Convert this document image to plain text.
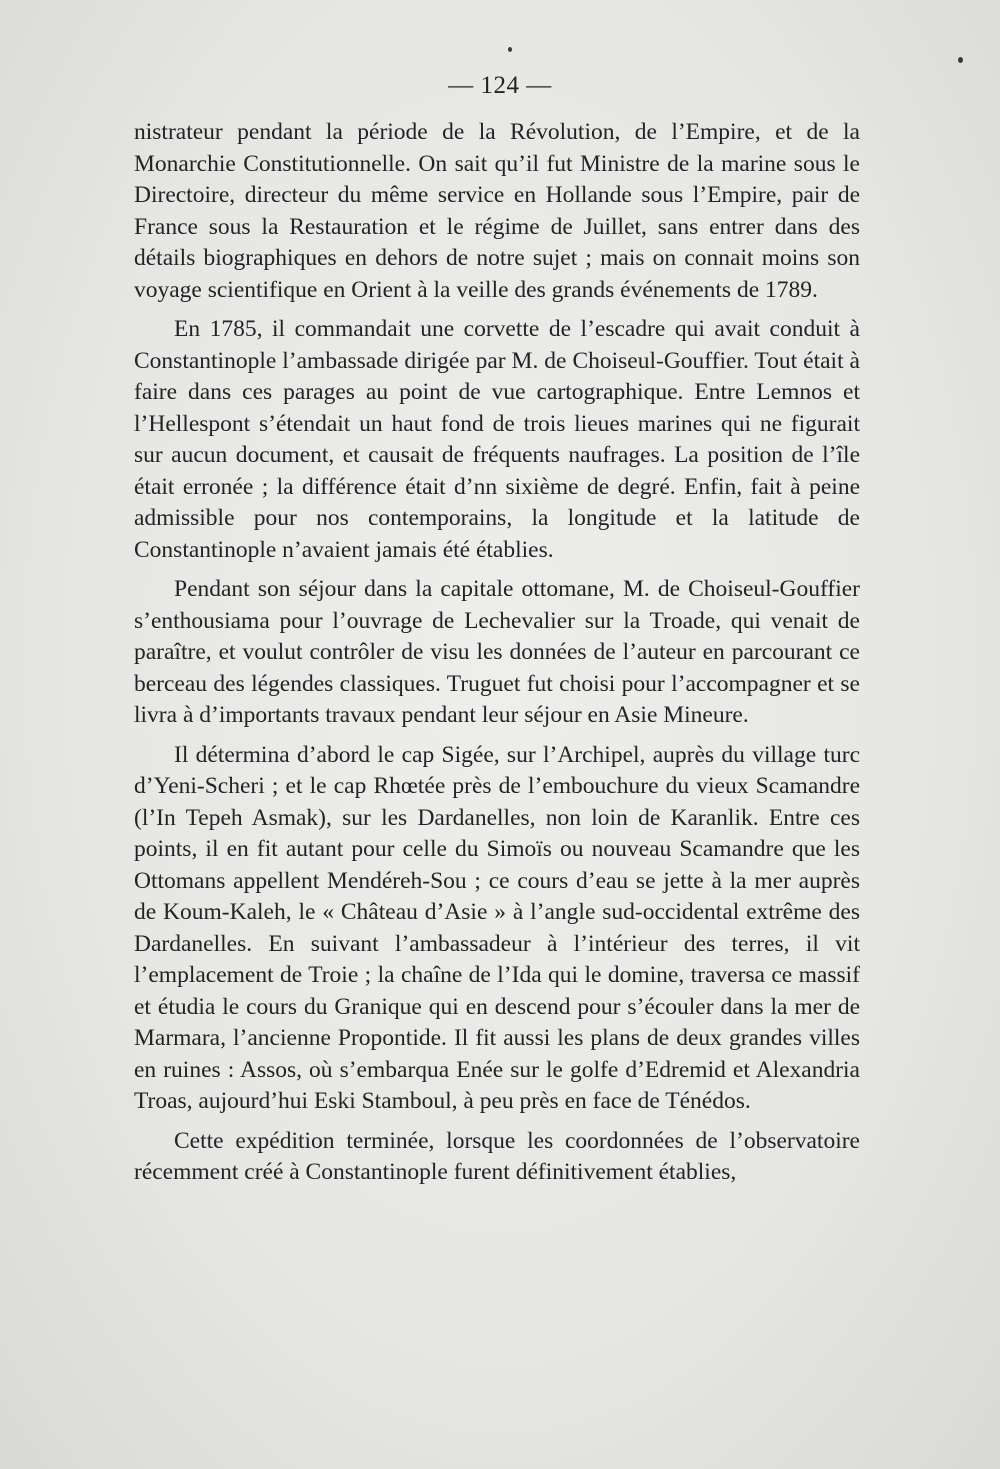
— 124 —

nistrateur pendant la période de la Révolution, de l’Empire, et de la Monarchie Constitutionnelle. On sait qu’il fut Ministre de la marine sous le Directoire, directeur du même service en Hollande sous l’Empire, pair de France sous la Restauration et le régime de Juillet, sans entrer dans des détails biographiques en dehors de notre sujet ; mais on connait moins son voyage scientifique en Orient à la veille des grands événements de 1789.

En 1785, il commandait une corvette de l’escadre qui avait conduit à Constantinople l’ambassade dirigée par M. de Choiseul-Gouffier. Tout était à faire dans ces parages au point de vue cartographique. Entre Lemnos et l’Hellespont s’étendait un haut fond de trois lieues marines qui ne figurait sur aucun document, et causait de fréquents naufrages. La position de l’île était erronée ; la différence était d’nn sixième de degré. Enfin, fait à peine admissible pour nos contemporains, la longitude et la latitude de Constantinople n’avaient jamais été établies.

Pendant son séjour dans la capitale ottomane, M. de Choiseul-Gouffier s’enthousiama pour l’ouvrage de Lechevalier sur la Troade, qui venait de paraître, et voulut contrôler de visu les données de l’auteur en parcourant ce berceau des légendes classiques. Truguet fut choisi pour l’accompagner et se livra à d’importants travaux pendant leur séjour en Asie Mineure.

Il détermina d’abord le cap Sigée, sur l’Archipel, auprès du village turc d’Yeni-Scheri ; et le cap Rhœtée près de l’embouchure du vieux Scamandre (l’In Tepeh Asmak), sur les Dardanelles, non loin de Karanlik. Entre ces points, il en fit autant pour celle du Simoïs ou nouveau Scamandre que les Ottomans appellent Mendéreh-Sou ; ce cours d’eau se jette à la mer auprès de Koum-Kaleh, le « Château d’Asie » à l’angle sud-occidental extrême des Dardanelles. En suivant l’ambassadeur à l’intérieur des terres, il vit l’emplacement de Troie ; la chaîne de l’Ida qui le domine, traversa ce massif et étudia le cours du Granique qui en descend pour s’écouler dans la mer de Marmara, l’ancienne Propontide. Il fit aussi les plans de deux grandes villes en ruines : Assos, où s’embarqua Enée sur le golfe d’Edremid et Alexandria Troas, aujourd’hui Eski Stamboul, à peu près en face de Ténédos.

Cette expédition terminée, lorsque les coordonnées de l’observatoire récemment créé à Constantinople furent définitivement établies,
